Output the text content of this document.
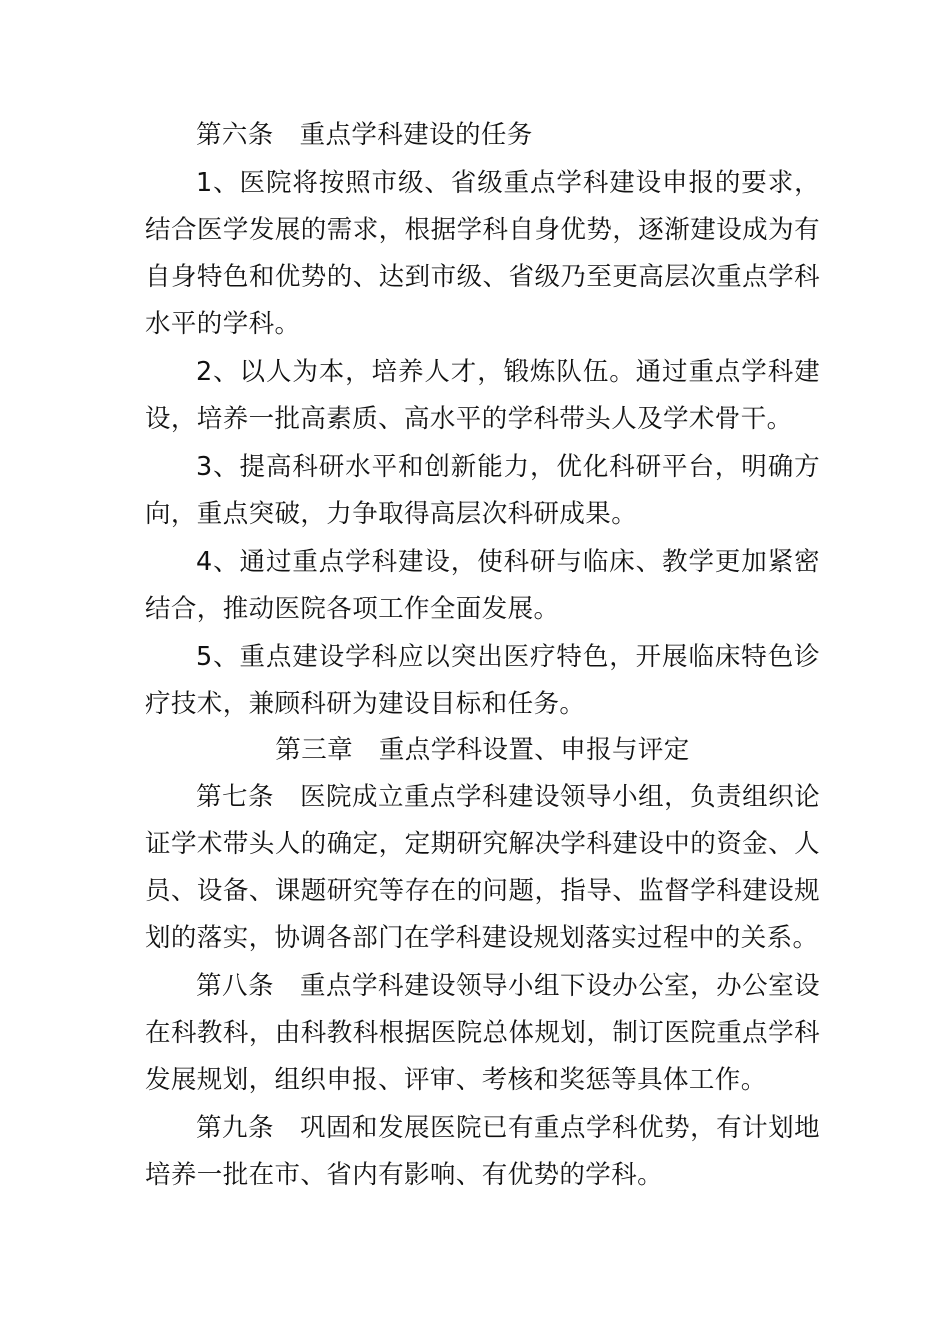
第六条　重点学科建设的任务

1、医院将按照市级、省级重点学科建设申报的要求，结合医学发展的需求，根据学科自身优势，逐渐建设成为有自身特色和优势的、达到市级、省级乃至更高层次重点学科水平的学科。

2、以人为本，培养人才，锻炼队伍。通过重点学科建设，培养一批高素质、高水平的学科带头人及学术骨干。

3、提高科研水平和创新能力，优化科研平台，明确方向，重点突破，力争取得高层次科研成果。

4、通过重点学科建设，使科研与临床、教学更加紧密结合，推动医院各项工作全面发展。

5、重点建设学科应以突出医疗特色，开展临床特色诊疗技术，兼顾科研为建设目标和任务。

第三章　重点学科设置、申报与评定

第七条　医院成立重点学科建设领导小组，负责组织论证学术带头人的确定，定期研究解决学科建设中的资金、人员、设备、课题研究等存在的问题，指导、监督学科建设规划的落实，协调各部门在学科建设规划落实过程中的关系。

第八条　重点学科建设领导小组下设办公室，办公室设在科教科，由科教科根据医院总体规划，制订医院重点学科发展规划，组织申报、评审、考核和奖惩等具体工作。

第九条　巩固和发展医院已有重点学科优势，有计划地培养一批在市、省内有影响、有优势的学科。
